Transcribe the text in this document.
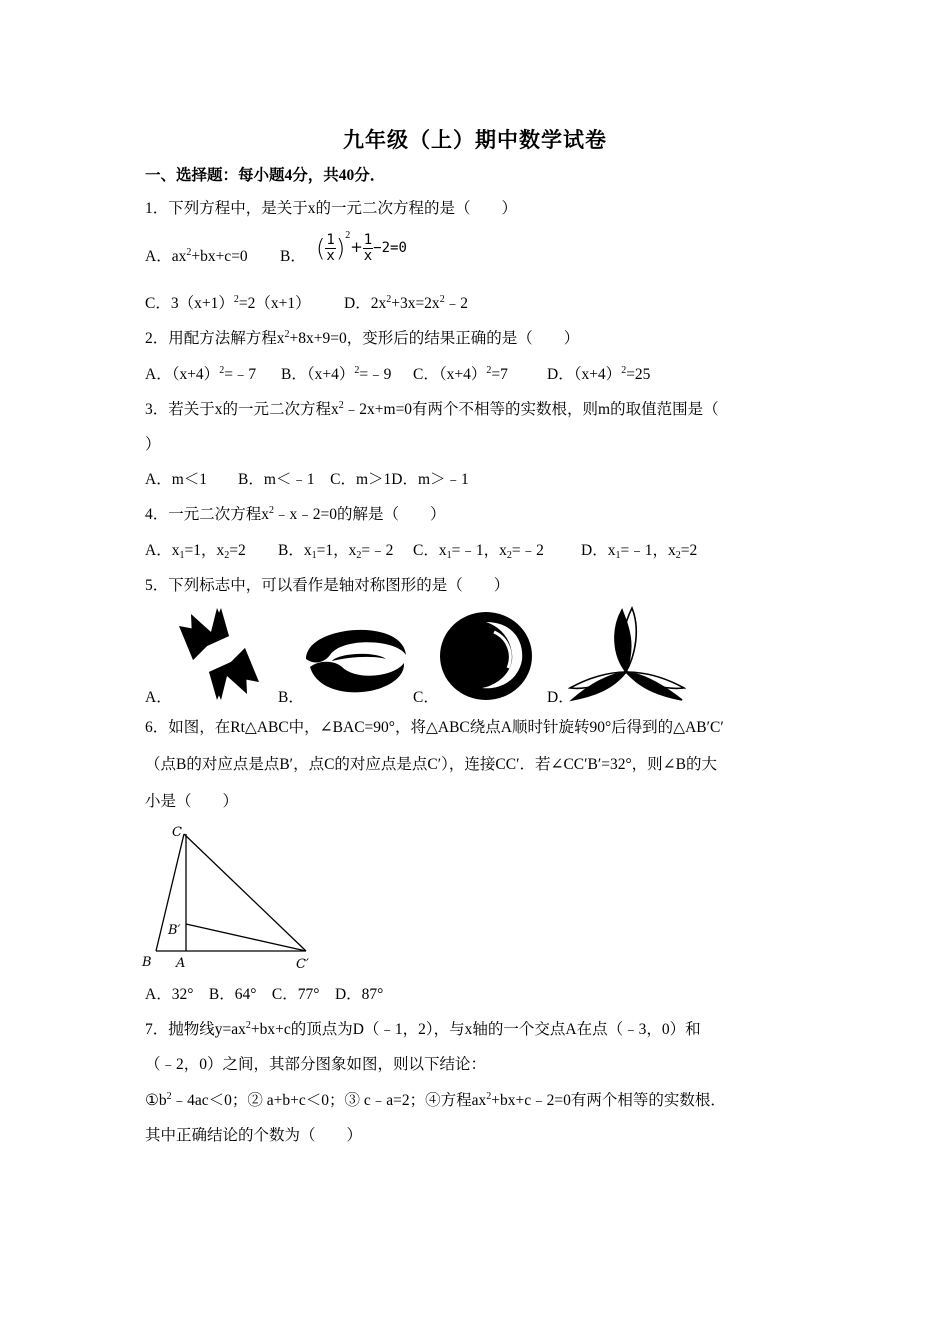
九年级（上）期中数学试卷
一、选择题：每小题4分，共40分．
1．下列方程中，是关于x的一元二次方程的是（　　）
A．$ax^2+bx+c=0$ B． ( $\frac{1}{x} )^2+ \frac{1}{x} -2=0$
C．$3(x+1)^2=2(x+1)$ D．$2x^2+3x=2x^2﹣2$
2．用配方法解方程$x^2+8x+9=0$，变形后的结果正确的是（　　）
A．$(x+4)^2=﹣7$ B．$(x+4)^2=﹣9$ C．$(x+4)^2=7$	D．$(x+4)^2=25$
3．若关于x的一元二次方程$x^2﹣2x+m=0$有两个不相等的实数根，则m的取值范围是（
）
A．m＜1　　B．m＜﹣1　C．m＞1D．m＞﹣1
4．一元二次方程$x^2﹣x﹣2=0$的解是（　　）
A．$x_1=1$，$x_2=2$ B．$x_1=1$，$x_2=﹣2$ C．$x_1=﹣1$，$x_2=﹣2$ D．$x_1=﹣1$，$x_2=2$
5．下列标志中，可以看作是轴对称图形的是（　　）
A．	B．	C．	D．
6．如图，在Rt△ABC中，∠BAC=90°，将△ABC绕点A顺时针旋转90°后得到的△AB′C′
（点B的对应点是点B′，点C的对应点是点C′），连接CC′．若∠CC′B′=32°，则∠B的大
小是（　　）
C
B′
B A	C′
A．32°　B．64°　C．77°　D．87°
7．抛物线$y=ax^2+bx+c$的顶点为D（﹣1，2），与x轴的一个交点A在点（﹣3，0）和
（﹣2，0）之间，其部分图象如图，则以下结论：
$①b^2﹣4ac<0$；② a+b+c＜0；③ c﹣a=2；④方程$ax^2+bx+c﹣2=0$有两个相等的实数根．
其中正确结论的个数为（　　）
